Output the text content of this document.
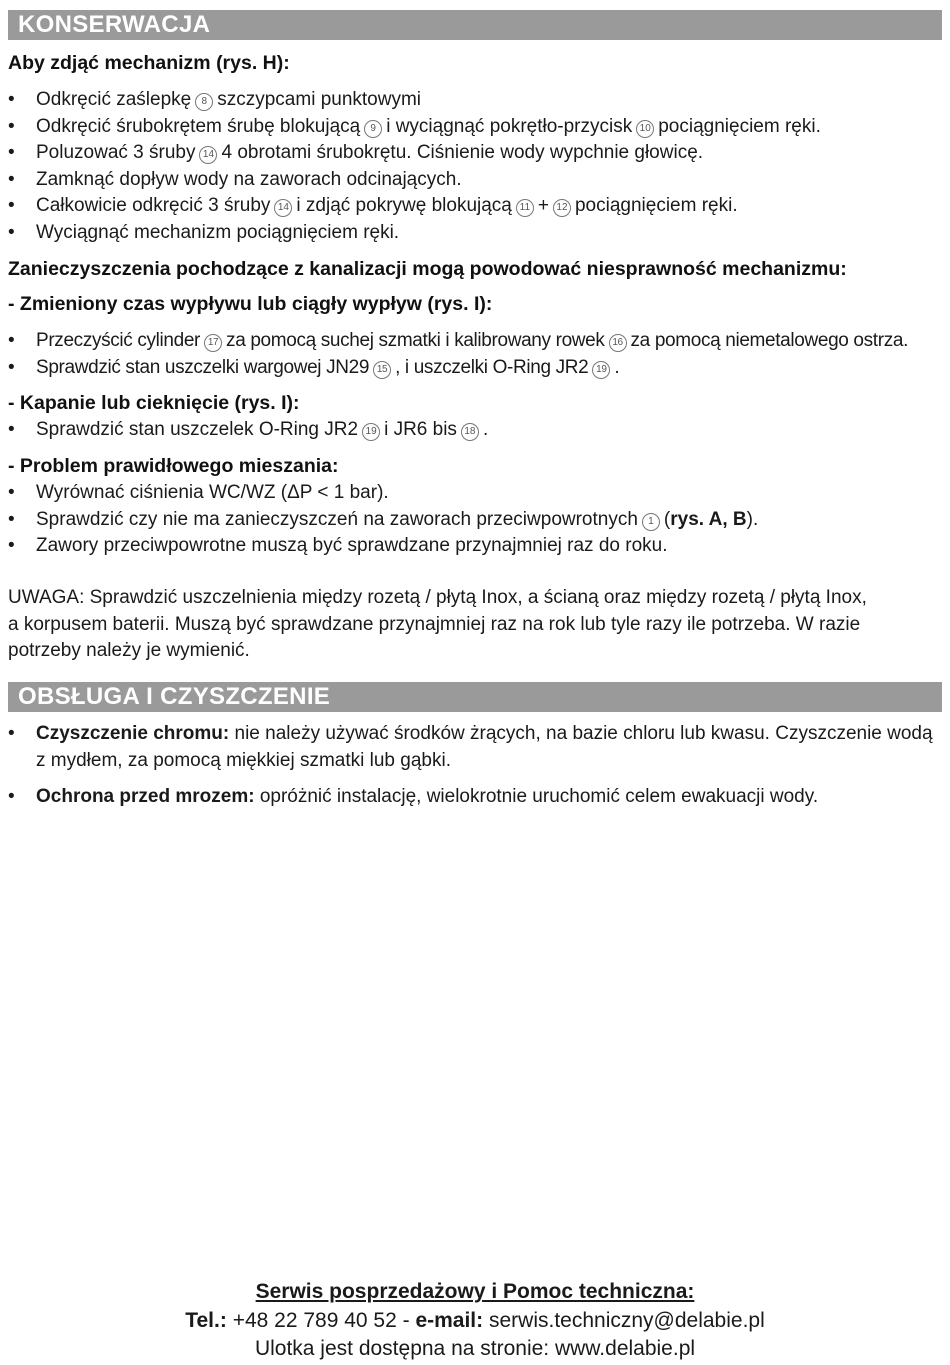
KONSERWACJA
Aby zdjąć mechanizm (rys. H):
• Odkręcić zaślepkę 8 szczypcami punktowymi
• Odkręcić śrubokrętem śrubę blokującą 9 i wyciągnąć pokrętło-przycisk 10 pociągnięciem ręki.
• Poluzować 3 śruby 14 4 obrotami śrubokrętu. Ciśnienie wody wypchnie głowicę.
• Zamknąć dopływ wody na zaworach odcinających.
• Całkowicie odkręcić 3 śruby 14 i zdjąć pokrywę blokującą 11 + 12 pociągnięciem ręki.
• Wyciągnąć mechanizm pociągnięciem ręki.
Zanieczyszczenia pochodzące z kanalizacji mogą powodować niesprawność mechanizmu:
- Zmieniony czas wypływu lub ciągły wypływ (rys. I):
• Przeczyścić cylinder 17 za pomocą suchej szmatki i kalibrowany rowek 16 za pomocą niemetalowego ostrza.
• Sprawdzić stan uszczelki wargowej JN29 15 , i uszczelki O-Ring JR2 19 .
- Kapanie lub cieknięcie (rys. I):
• Sprawdzić stan uszczelek O-Ring JR2 19 i JR6 bis 18 .
- Problem prawidłowego mieszania:
• Wyrównać ciśnienia WC/WZ (ΔP < 1 bar).
• Sprawdzić czy nie ma zanieczyszczeń na zaworach przeciwpowrotnych 1 (rys. A, B).
• Zawory przeciwpowrotne muszą być sprawdzane przynajmniej raz do roku.
UWAGA: Sprawdzić uszczelnienia między rozetą / płytą Inox, a ścianą oraz między rozetą / płytą Inox,
a korpusem baterii. Muszą być sprawdzane przynajmniej raz na rok lub tyle razy ile potrzeba. W razie
potrzeby należy je wymienić.
OBSŁUGA I CZYSZCZENIE
• Czyszczenie chromu: nie należy używać środków żrących, na bazie chloru lub kwasu. Czyszczenie wodą z mydłem, za pomocą miękkiej szmatki lub gąbki.
• Ochrona przed mrozem: opróżnić instalację, wielokrotnie uruchomić celem ewakuacji wody.
Serwis posprzedażowy i Pomoc techniczna:
Tel.: +48 22 789 40 52 - e-mail: serwis.techniczny@delabie.pl
Ulotka jest dostępna na stronie: www.delabie.pl
